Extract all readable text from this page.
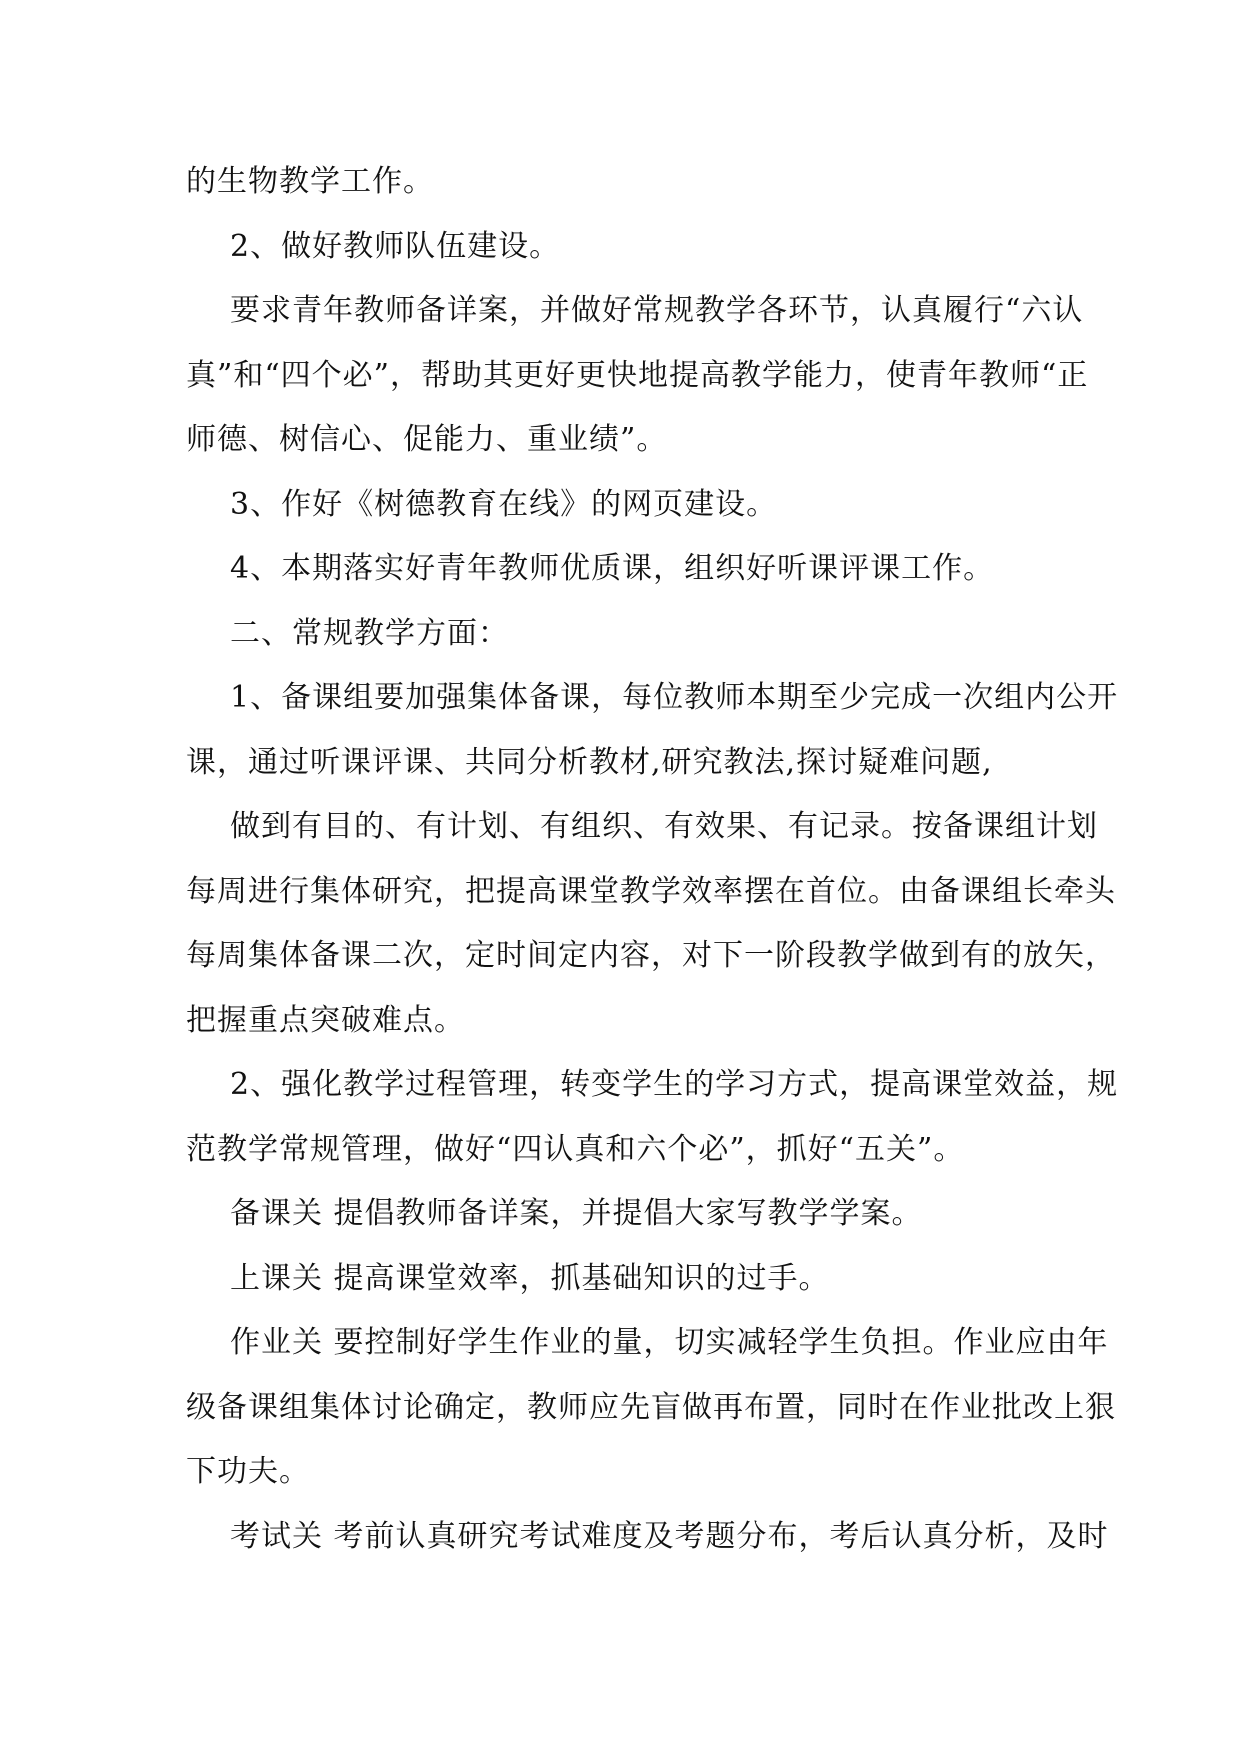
的生物教学工作。

2、做好教师队伍建设。

要求青年教师备详案，并做好常规教学各环节，认真履行“六认
真”和“四个必”，帮助其更好更快地提高教学能力，使青年教师“正
师德、树信心、促能力、重业绩”。

3、作好《树德教育在线》的网页建设。

4、本期落实好青年教师优质课，组织好听课评课工作。

二、常规教学方面：

1、备课组要加强集体备课，每位教师本期至少完成一次组内公开
课，通过听课评课、共同分析教材,研究教法,探讨疑难问题,

做到有目的、有计划、有组织、有效果、有记录。按备课组计划
每周进行集体研究，把提高课堂教学效率摆在首位。由备课组长牵头
每周集体备课二次，定时间定内容，对下一阶段教学做到有的放矢，
把握重点突破难点。

2、强化教学过程管理，转变学生的学习方式，提高课堂效益，规
范教学常规管理，做好“四认真和六个必”，抓好“五关”。

备课关 提倡教师备详案，并提倡大家写教学学案。

上课关 提高课堂效率，抓基础知识的过手。

作业关 要控制好学生作业的量，切实减轻学生负担。作业应由年
级备课组集体讨论确定，教师应先盲做再布置，同时在作业批改上狠
下功夫。

考试关 考前认真研究考试难度及考题分布，考后认真分析，及时
